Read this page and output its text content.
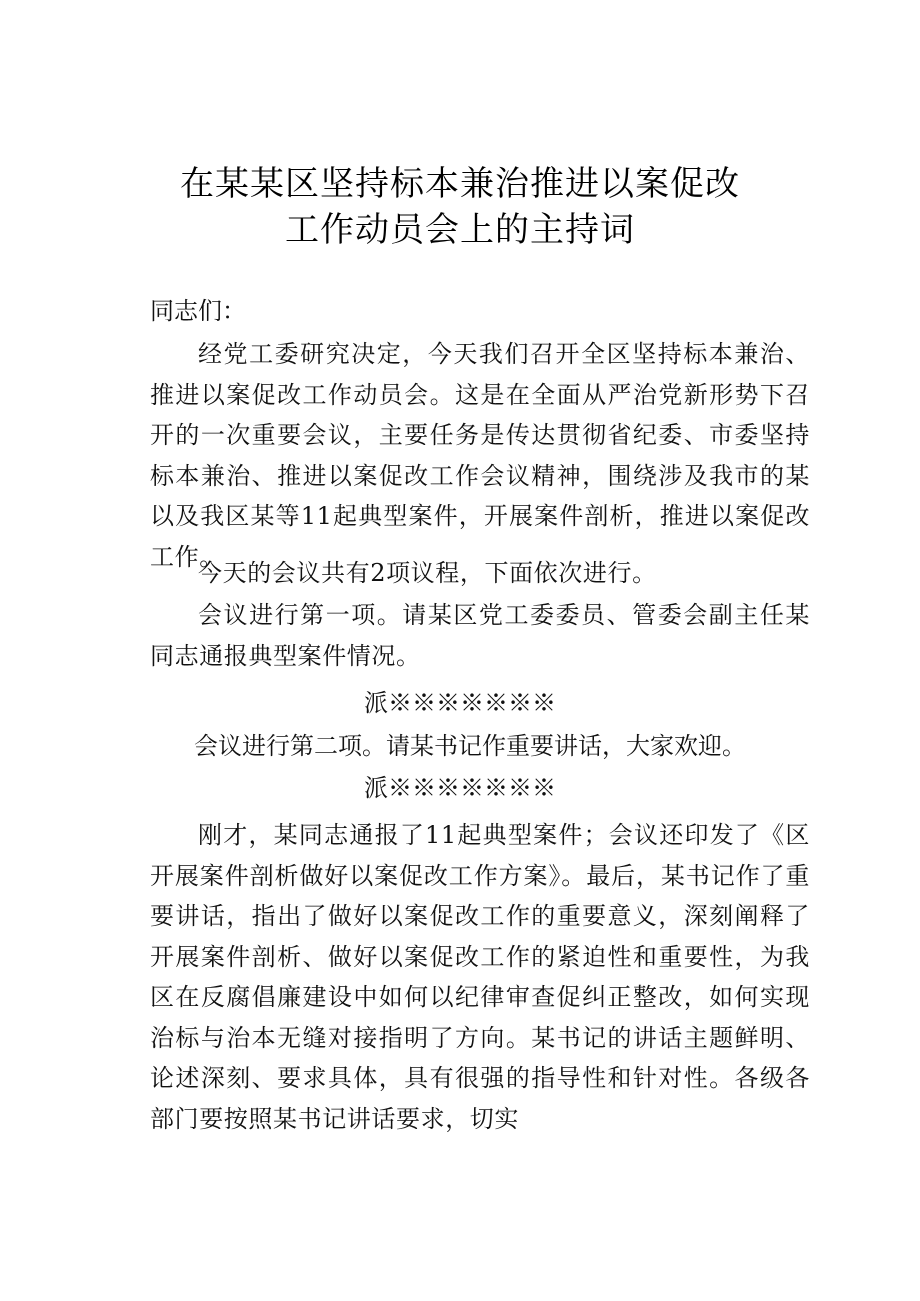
在某某区坚持标本兼治推进以案促改
工作动员会上的主持词
同志们：

经党工委研究决定，今天我们召开全区坚持标本兼治、推进以案促改工作动员会。这是在全面从严治党新形势下召开的一次重要会议，主要任务是传达贯彻省纪委、市委坚持标本兼治、推进以案促改工作会议精神，围绕涉及我市的某以及我区某等11起典型案件，开展案件剖析，推进以案促改工作。

今天的会议共有2项议程，下面依次进行。

会议进行第一项。请某区党工委委员、管委会副主任某同志通报典型案件情况。

派※※※※※※※
会议进行第二项。请某书记作重要讲话，大家欢迎。
派※※※※※※※

刚才，某同志通报了11起典型案件；会议还印发了《区开展案件剖析做好以案促改工作方案》。最后，某书记作了重要讲话，指出了做好以案促改工作的重要意义，深刻阐释了开展案件剖析、做好以案促改工作的紧迫性和重要性，为我区在反腐倡廉建设中如何以纪律审查促纠正整改，如何实现治标与治本无缝对接指明了方向。某书记的讲话主题鲜明、论述深刻、要求具体，具有很强的指导性和针对性。各级各部门要按照某书记讲话要求，切实
